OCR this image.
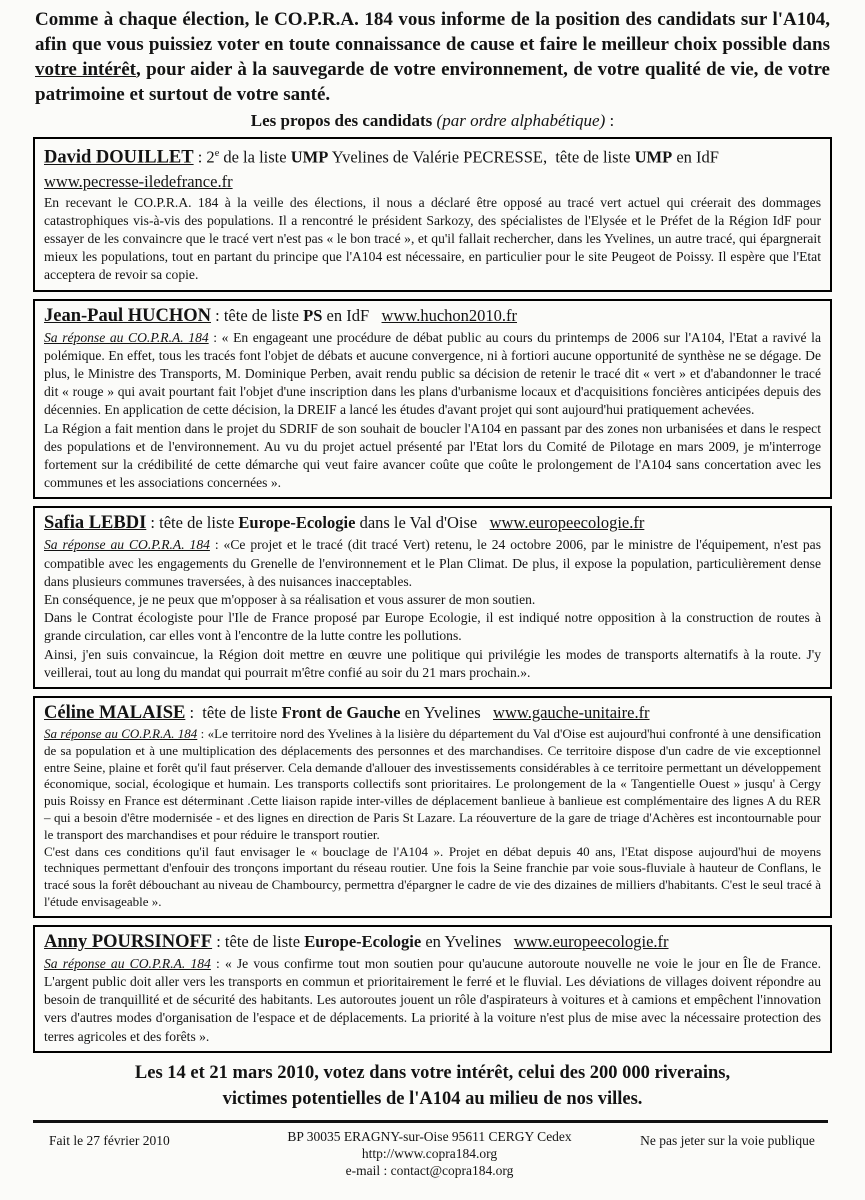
Comme à chaque élection, le CO.P.R.A. 184 vous informe de la position des candidats sur l'A104, afin que vous puissiez voter en toute connaissance de cause et faire le meilleur choix possible dans votre intérêt, pour aider à la sauvegarde de votre environnement, de votre qualité de vie, de votre patrimoine et surtout de votre santé.

Les propos des candidats (par ordre alphabétique) :
David DOUILLET : 2e de la liste UMP Yvelines de Valérie PECRESSE,  tête de liste UMP en IdF www.pecresse-iledefrance.fr

En recevant le CO.P.R.A. 184 à la veille des élections, il nous a déclaré être opposé au tracé vert actuel qui créerait des dommages catastrophiques vis-à-vis des populations. Il a rencontré le président Sarkozy, des spécialistes de l'Elysée et le Préfet de la Région IdF pour essayer de les convaincre que le tracé vert n'est pas « le bon tracé », et qu'il fallait rechercher, dans les Yvelines, un autre tracé, qui épargnerait mieux les populations, tout en partant du principe que l'A104 est nécessaire, en particulier pour le site Peugeot de Poissy. Il espère que l'Etat acceptera de revoir sa copie.

Jean-Paul HUCHON : tête de liste PS en IdF   www.huchon2010.fr

Sa réponse au CO.P.R.A. 184 : « En engageant une procédure de débat public au cours du printemps de 2006 sur l'A104, l'Etat a ravivé la polémique. En effet, tous les tracés font l'objet de débats et aucune convergence, ni à fortiori aucune opportunité de synthèse ne se dégage. De plus, le Ministre des Transports, M. Dominique Perben, avait rendu public sa décision de retenir le tracé dit « vert » et d'abandonner le tracé dit « rouge » qui avait pourtant fait l'objet d'une inscription dans les plans d'urbanisme locaux et d'acquisitions foncières anticipées depuis des décennies. En application de cette décision, la DREIF a lancé les études d'avant projet qui sont aujourd'hui pratiquement achevées.

La Région a fait mention dans le projet du SDRIF de son souhait de boucler l'A104 en passant par des zones non urbanisées et dans le respect des populations et de l'environnement. Au vu du projet actuel présenté par l'Etat lors du Comité de Pilotage en mars 2009, je m'interroge fortement sur la crédibilité de cette démarche qui veut faire avancer coûte que coûte le prolongement de l'A104 sans concertation avec les communes et les associations concernées ».

Safia LEBDI : tête de liste Europe-Ecologie dans le Val d'Oise   www.europeecologie.fr

Sa réponse au CO.P.R.A. 184 : «Ce projet et le tracé (dit tracé Vert) retenu, le 24 octobre 2006, par le ministre de l'équipement, n'est pas compatible avec les engagements du Grenelle de l'environnement et le Plan Climat. De plus, il expose la population, particulièrement dense dans plusieurs communes traversées, à des nuisances inacceptables.

En conséquence, je ne peux que m'opposer à sa réalisation et vous assurer de mon soutien.

Dans le Contrat écologiste pour l'Ile de France proposé par Europe Ecologie, il est indiqué notre opposition à la construction de routes à grande circulation, car elles vont à l'encontre de la lutte contre les pollutions.

Ainsi, j'en suis convaincue, la Région doit mettre en œuvre une politique qui privilégie les modes de transports alternatifs à la route. J'y veillerai, tout au long du mandat qui pourrait m'être confié au soir du 21 mars prochain.».

Céline MALAISE :  tête de liste Front de Gauche en Yvelines   www.gauche-unitaire.fr

Sa réponse au CO.P.R.A. 184 : «Le territoire nord des Yvelines à la lisière du département du Val d'Oise est aujourd'hui confronté à une densification de sa population et à une multiplication des déplacements des personnes et des marchandises. Ce territoire dispose d'un cadre de vie exceptionnel entre Seine, plaine et forêt qu'il faut préserver. Cela demande d'allouer des investissements considérables à ce territoire permettant un développement économique, social, écologique et humain. Les transports collectifs sont prioritaires. Le prolongement de la « Tangentielle Ouest » jusqu' à Cergy puis Roissy en France est déterminant .Cette liaison rapide inter-villes de déplacement banlieue à banlieue est complémentaire des lignes A du RER – qui a besoin d'être modernisée - et des lignes en direction de Paris St Lazare. La réouverture de la gare de triage d'Achères est incontournable pour le transport des marchandises et pour réduire le transport routier.

C'est dans ces conditions qu'il faut envisager le « bouclage de l'A104 ». Projet en débat depuis 40 ans, l'Etat dispose aujourd'hui de moyens techniques permettant d'enfouir des tronçons important du réseau routier. Une fois la Seine franchie par voie sous-fluviale à hauteur de Conflans, le tracé sous la forêt débouchant au niveau de Chambourcy, permettra d'épargner le cadre de vie des dizaines de milliers d'habitants. C'est le seul tracé à l'étude envisageable ».

Anny POURSINOFF : tête de liste Europe-Ecologie en Yvelines   www.europeecologie.fr

Sa réponse au CO.P.R.A. 184 : « Je vous confirme tout mon soutien pour qu'aucune autoroute nouvelle ne voie le jour en Île de France. L'argent public doit aller vers les transports en commun et prioritairement le ferré et le fluvial. Les déviations de villages doivent répondre au besoin de tranquillité et de sécurité des habitants. Les autoroutes jouent un rôle d'aspirateurs à voitures et à camions et empêchent l'innovation vers d'autres modes d'organisation de l'espace et de déplacements. La priorité à la voiture n'est plus de mise avec la nécessaire protection des terres agricoles et des forêts ».

Les 14 et 21 mars 2010, votez dans votre intérêt, celui des 200 000 riverains,
victimes potentielles de l'A104 au milieu de nos villes.
Fait le 27 février 2010	BP 30035 ERAGNY-sur-Oise 95611 CERGY Cedex
http://www.copra184.org
e-mail : contact@copra184.org
Ne pas jeter sur la voie publique
